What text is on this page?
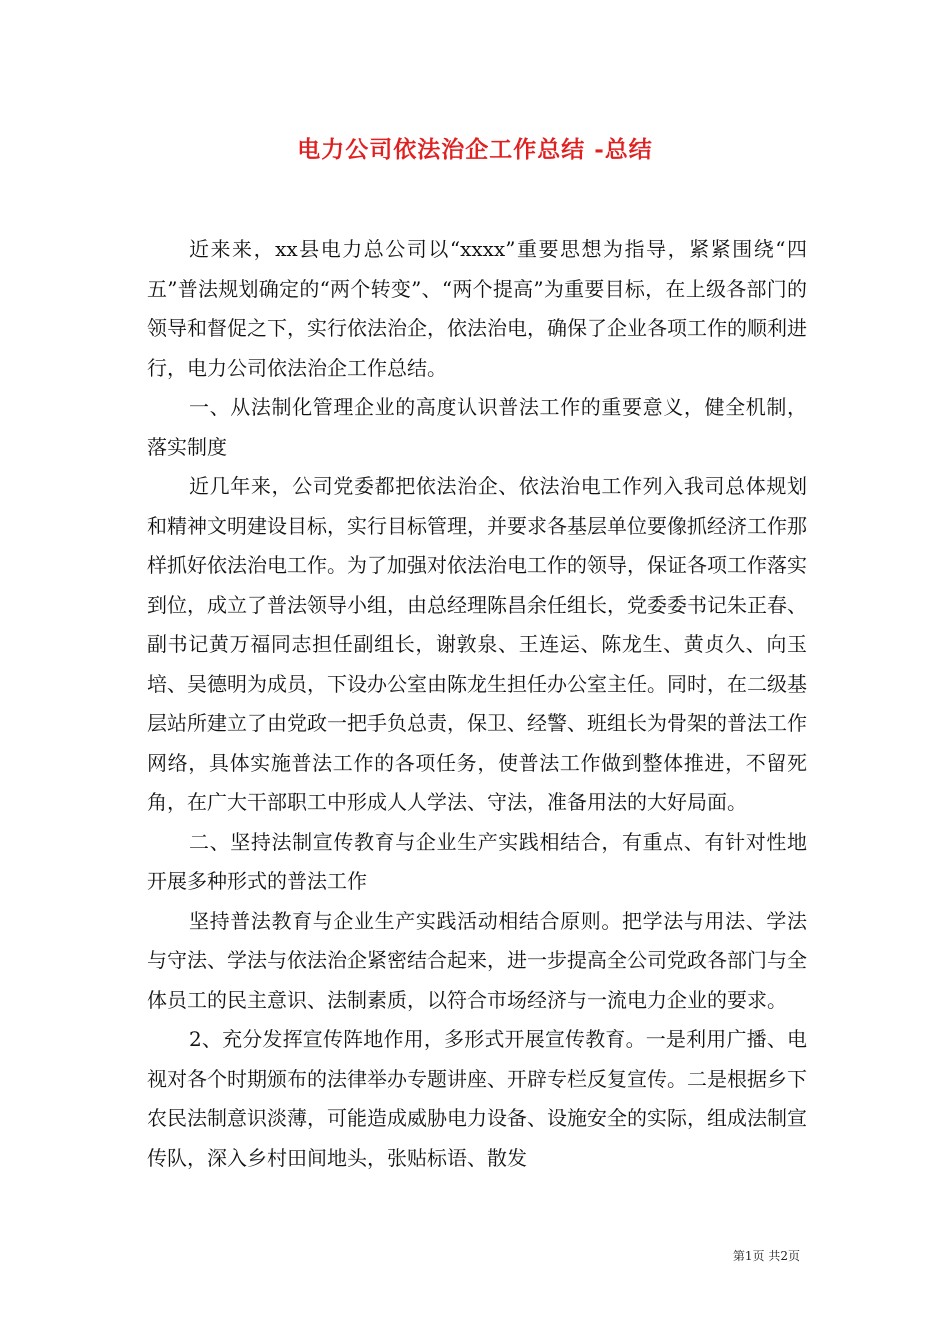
电力公司依法治企工作总结 -总结

近来来，xx县电力总公司以“xxxx”重要思想为指导，紧紧围绕“四五”普法规划确定的“两个转变”、“两个提高”为重要目标，在上级各部门的领导和督促之下，实行依法治企，依法治电，确保了企业各项工作的顺利进行，电力公司依法治企工作总结。

一、从法制化管理企业的高度认识普法工作的重要意义，健全机制，落实制度

近几年来，公司党委都把依法治企、依法治电工作列入我司总体规划和精神文明建设目标，实行目标管理，并要求各基层单位要像抓经济工作那样抓好依法治电工作。为了加强对依法治电工作的领导，保证各项工作落实到位，成立了普法领导小组，由总经理陈昌余任组长，党委委书记朱正春、副书记黄万福同志担任副组长，谢敦泉、王连运、陈龙生、黄贞久、向玉培、吴德明为成员，下设办公室由陈龙生担任办公室主任。同时，在二级基层站所建立了由党政一把手负总责，保卫、经警、班组长为骨架的普法工作网络，具体实施普法工作的各项任务，使普法工作做到整体推进，不留死角，在广大干部职工中形成人人学法、守法，准备用法的大好局面。

二、坚持法制宣传教育与企业生产实践相结合，有重点、有针对性地开展多种形式的普法工作

坚持普法教育与企业生产实践活动相结合原则。把学法与用法、学法与守法、学法与依法治企紧密结合起来，进一步提高全公司党政各部门与全体员工的民主意识、法制素质，以符合市场经济与一流电力企业的要求。

2、充分发挥宣传阵地作用，多形式开展宣传教育。一是利用广播、电视对各个时期颁布的法律举办专题讲座、开辟专栏反复宣传。二是根据乡下农民法制意识淡薄，可能造成威胁电力设备、设施安全的实际，组成法制宣传队，深入乡村田间地头，张贴标语、散发

第1页 共2页
